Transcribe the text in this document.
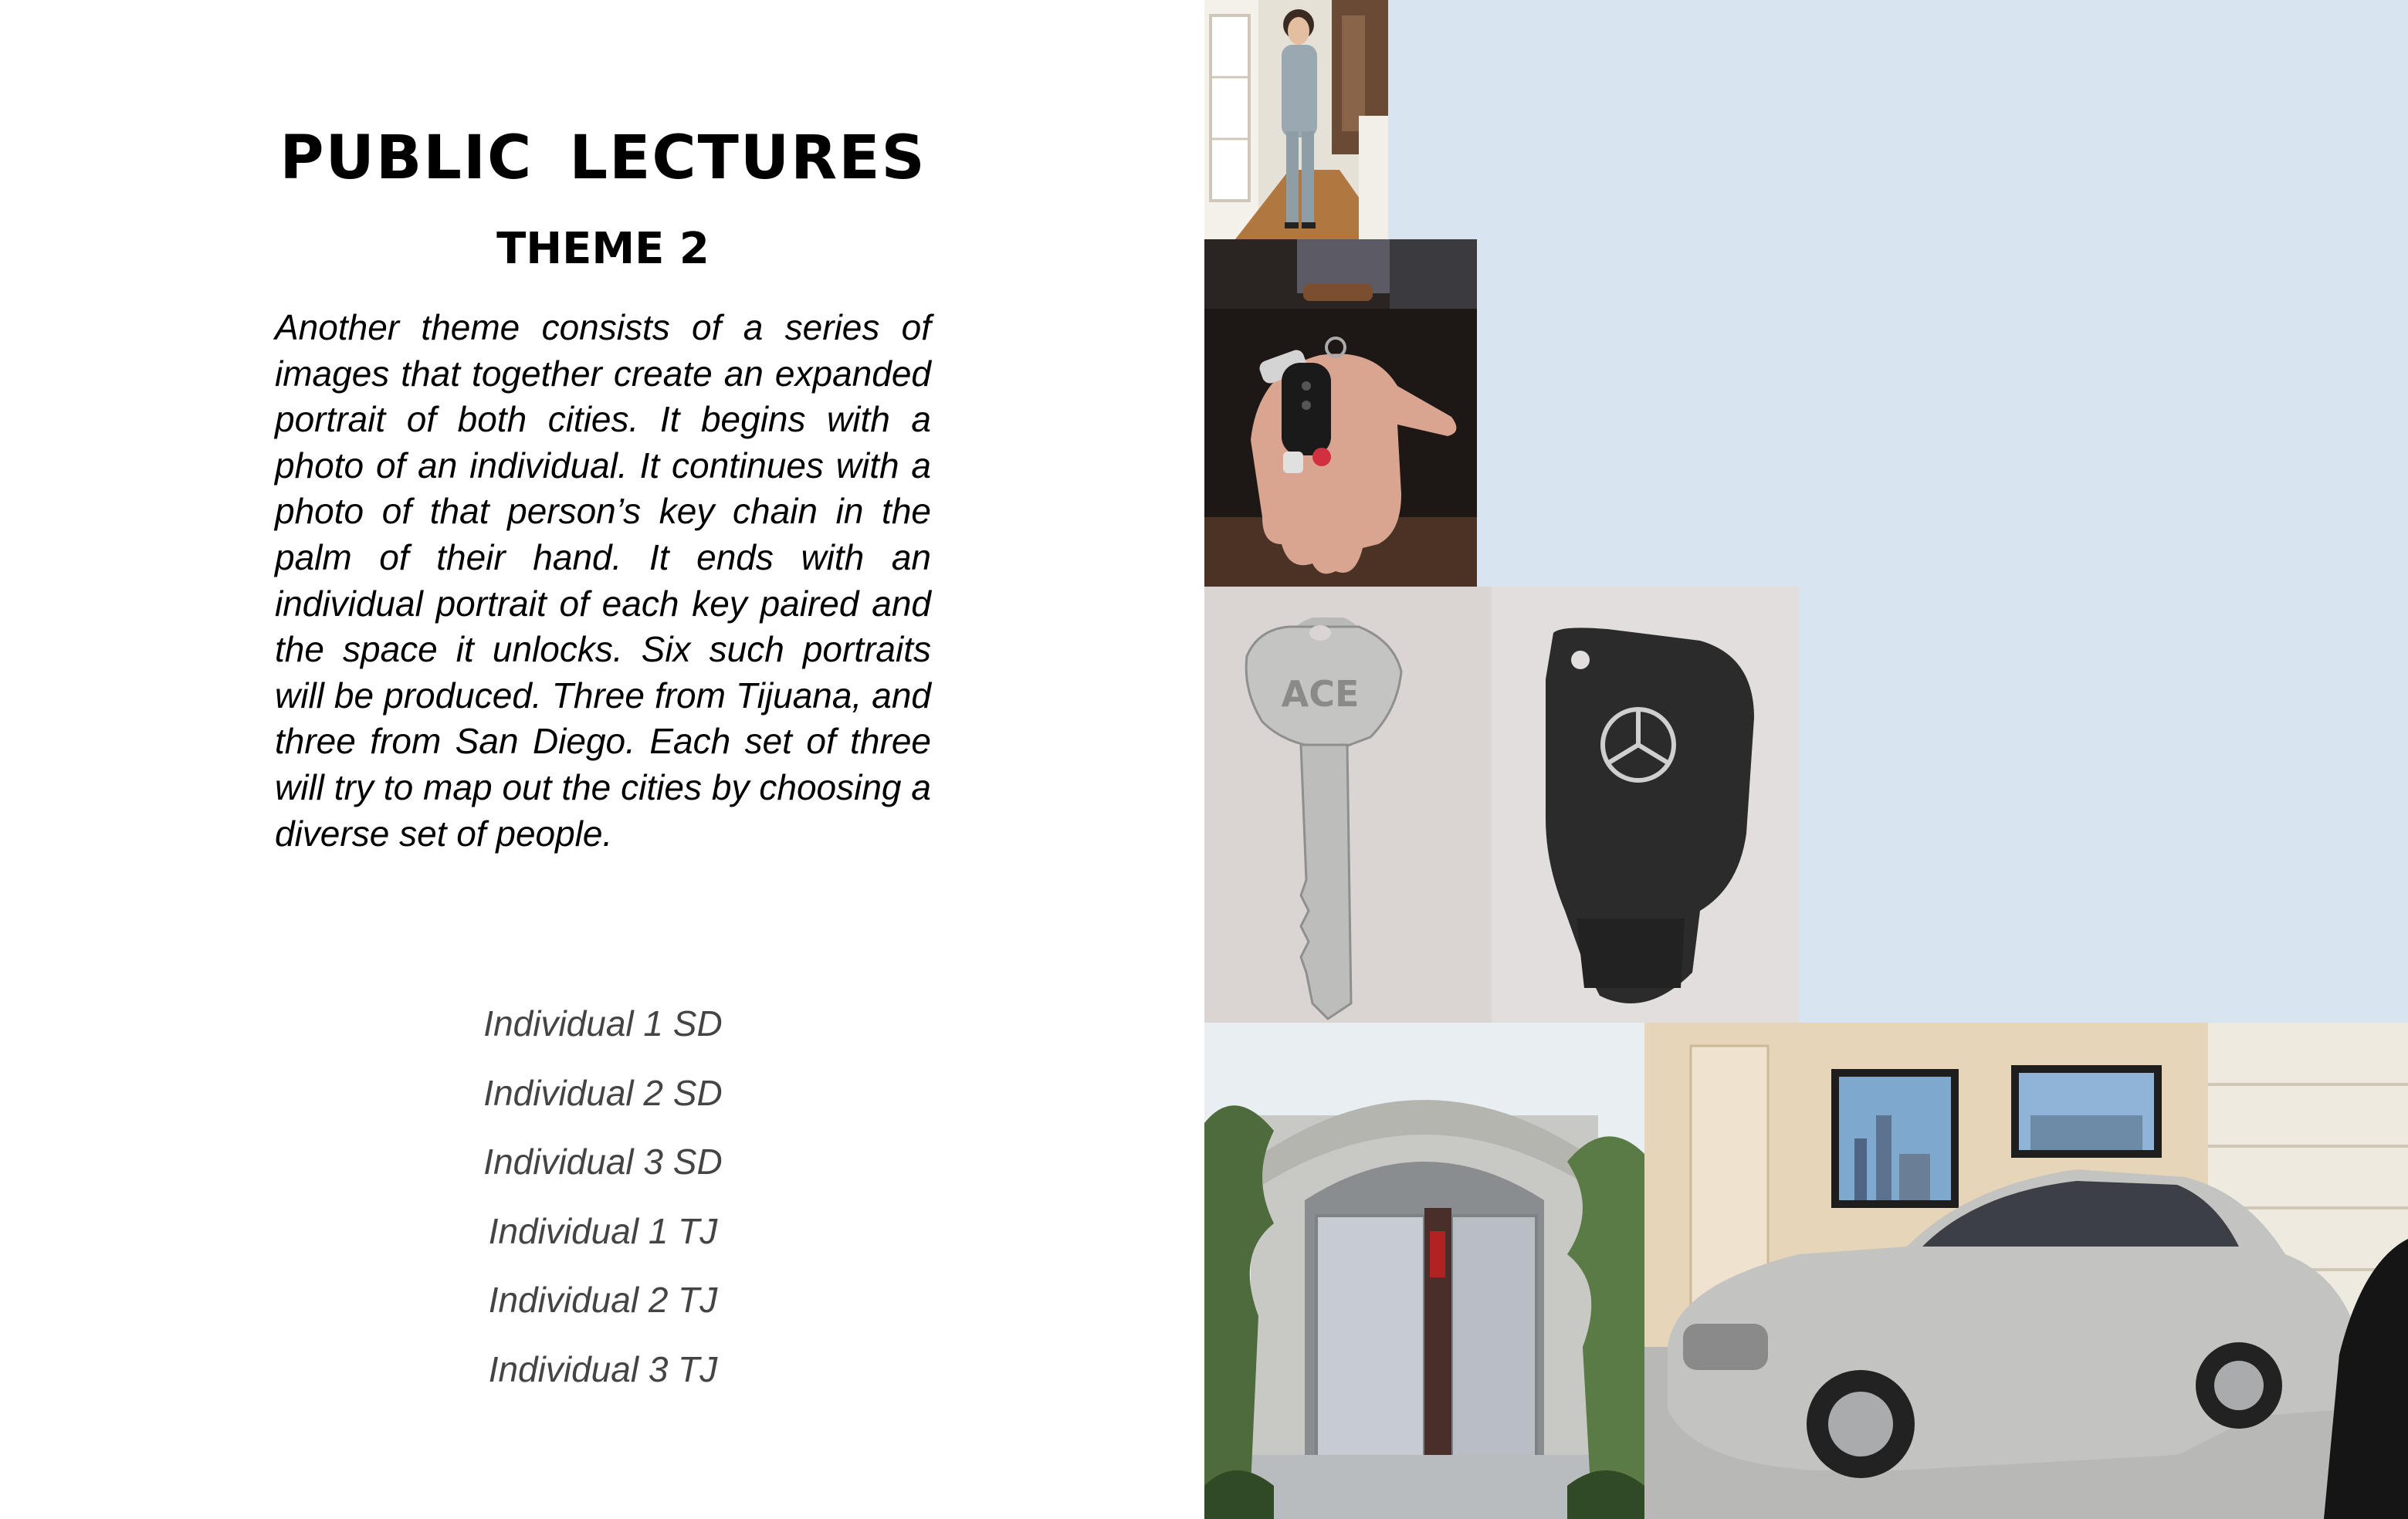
PUBLIC LECTURES
THEME 2

Another theme consists of a series of images that together create an expanded portrait of both cities. It begins with a photo of an individual. It continues with a photo of that person’s key chain in the palm of their hand. It ends with an individual portrait of each key paired and the space it unlocks. Six such portraits will be produced. Three from Tijuana, and three from San Diego. Each set of three will try to map out the cities by choosing a diverse set of people.

Individual 1 SD
Individual 2 SD
Individual 3 SD
Individual 1 TJ
Individual 2 TJ
Individual 3 TJ
ACE
